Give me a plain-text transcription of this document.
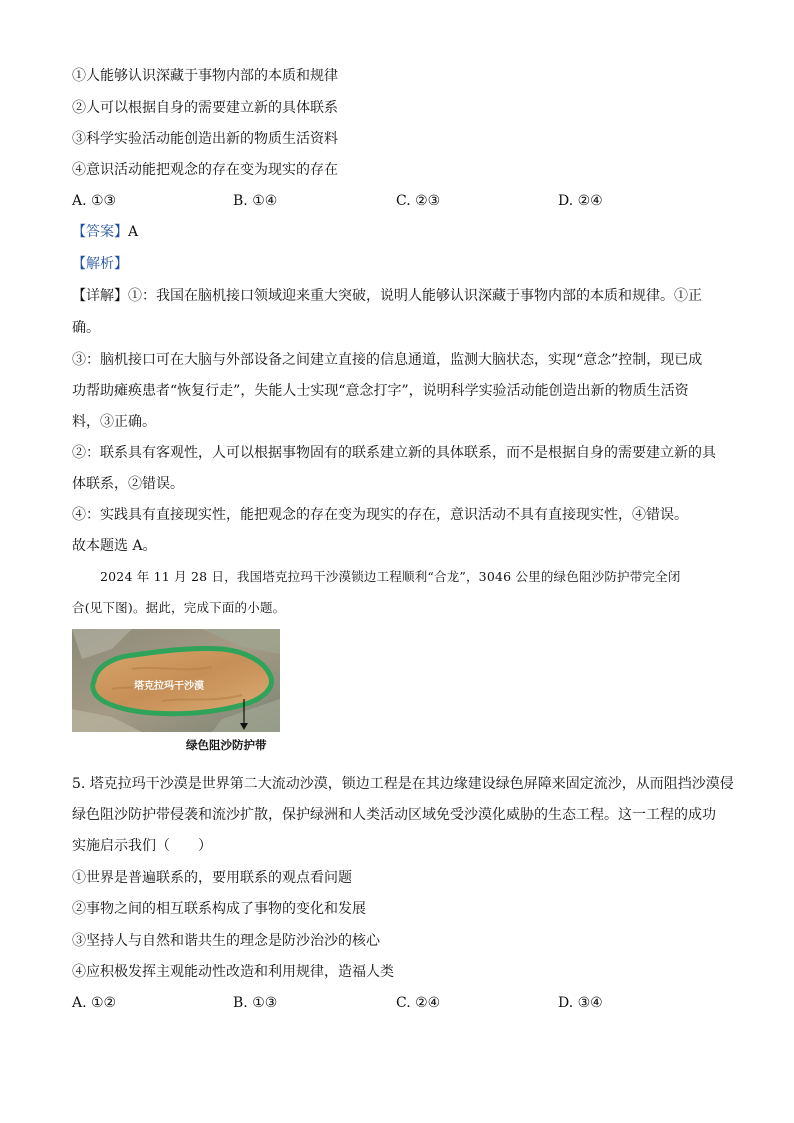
①人能够认识深藏于事物内部的本质和规律
②人可以根据自身的需要建立新的具体联系
③科学实验活动能创造出新的物质生活资料
④意识活动能把观念的存在变为现实的存在
A. ①③	B. ①④	C. ②③	D. ②④
【答案】A
【解析】
【详解】①：我国在脑机接口领域迎来重大突破，说明人能够认识深藏于事物内部的本质和规律。①正
确。
③：脑机接口可在大脑与外部设备之间建立直接的信息通道，监测大脑状态，实现“意念”控制，现已成
功帮助瘫痪患者“恢复行走”，失能人士实现“意念打字”，说明科学实验活动能创造出新的物质生活资
料，③正确。
②：联系具有客观性，人可以根据事物固有的联系建立新的具体联系，而不是根据自身的需要建立新的具
体联系，②错误。
④：实践具有直接现实性，能把观念的存在变为现实的存在，意识活动不具有直接现实性，④错误。
故本题选 A。
2024 年 11 月 28 日，我国塔克拉玛干沙漠锁边工程顺利“合龙”，3046 公里的绿色阻沙防护带完全闭
合(见下图)。据此，完成下面的小题。
塔克拉玛干沙漠
绿色阻沙防护带
5. 塔克拉玛干沙漠是世界第二大流动沙漠，锁边工程是在其边缘建设绿色屏障来固定流沙，从而阻挡沙漠侵
绿色阻沙防护带侵袭和流沙扩散，保护绿洲和人类活动区域免受沙漠化威胁的生态工程。这一工程的成功
实施启示我们（　　）
①世界是普遍联系的，要用联系的观点看问题
②事物之间的相互联系构成了事物的变化和发展
③坚持人与自然和谐共生的理念是防沙治沙的核心
④应积极发挥主观能动性改造和利用规律，造福人类
A. ①②	B. ①③	C. ②④	D. ③④
